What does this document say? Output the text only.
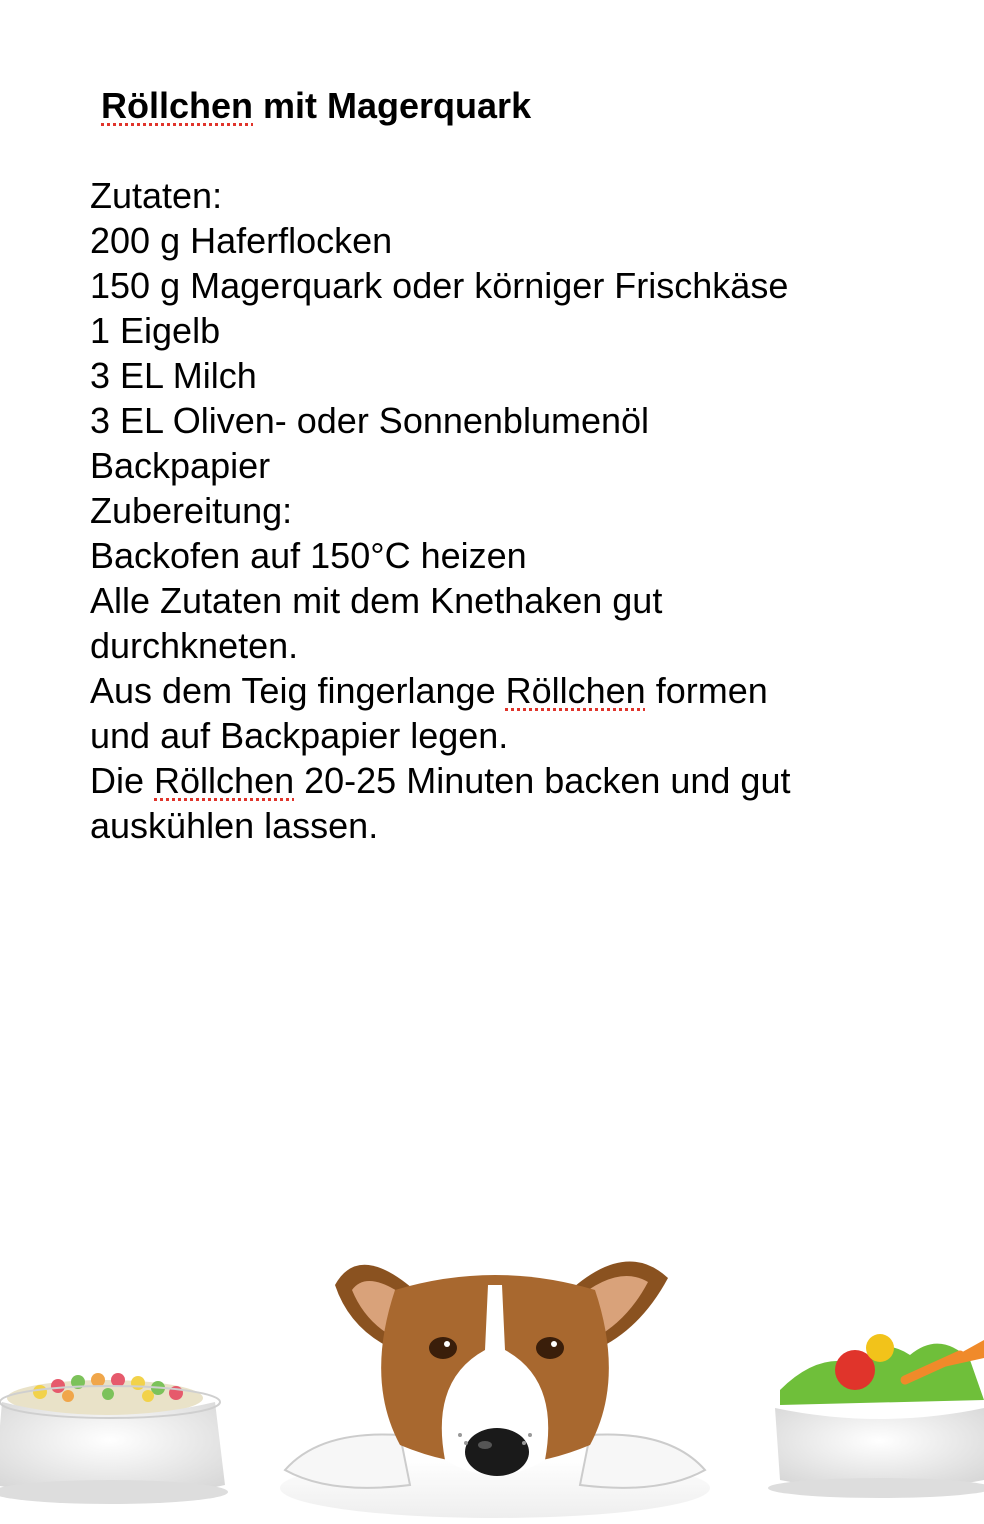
Röllchen mit Magerquark
Zutaten:
200 g Haferflocken
150 g Magerquark oder körniger Frischkäse
1 Eigelb
3 EL Milch
3 EL Oliven- oder Sonnenblumenöl
Backpapier
Zubereitung:
Backofen auf 150°C heizen
Alle Zutaten mit dem Knethaken gut
durchkneten.
Aus dem Teig fingerlange Röllchen formen
und auf Backpapier legen.
Die Röllchen 20-25 Minuten backen und gut
auskühlen lassen.
